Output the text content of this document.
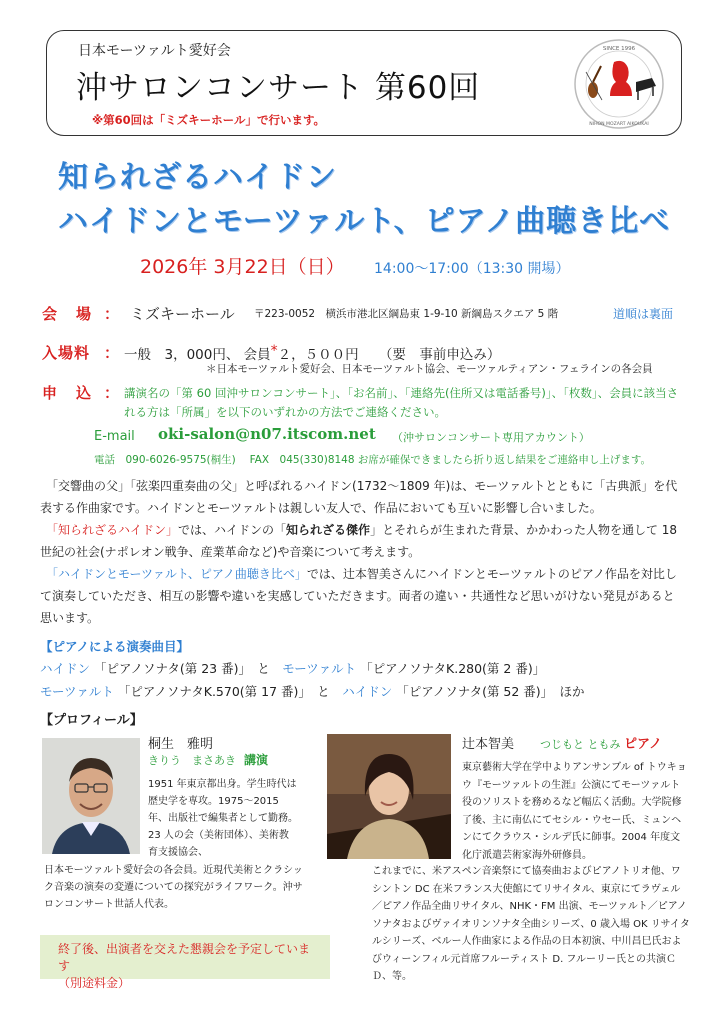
日本モーツァルト愛好会
沖サロンコンサート 第60回
※第60回は「ミズキーホール」で行います。
SINCE 1996
NIHON MOZART AIKOUKAI
知られざるハイドン
ハイドンとモーツァルト、ピアノ曲聴き比べ
2026年 3月22日（日） 14:00～17:00（13:30 開場）
会　場 ： ミズキーホール 〒223-0052　横浜市港北区綱島東 1-9-10 新綱島スクエア 5 階	道順は裏面
入場料 ： 一般　3，000円、 会員*２，５００円　　（要　事前申込み）
＊日本モーツァルト愛好会、日本モーツァルト協会、モーツァルティアン・フェラインの各会員
申　込 ： 講演名の「第 60 回沖サロンコンサート」、「お名前」、「連絡先(住所又は電話番号)」、「枚数」、会員に該当される方は「所属」を以下のいずれかの方法でご連絡ください。
E-mail oki-salon@n07.itscom.net （沖サロンコンサート専用アカウント）
電話　090-6026-9575(桐生)　 FAX　045(330)8148 お席が確保できましたら折り返し結果をご連絡申し上げます。
　「交響曲の父」「弦楽四重奏曲の父」と呼ばれるハイドン(1732～1809 年)は、モーツァルトとともに「古典派」を代表する作曲家です。ハイドンとモーツァルトは親しい友人で、作品においても互いに影響し合いました。
　「知られざるハイドン」では、ハイドンの「知られざる傑作」とそれらが生まれた背景、かかわった人物を通して 18 世紀の社会(ナポレオン戦争、産業革命など)や音楽について考えます。
　「ハイドンとモーツァルト、ピアノ曲聴き比べ」では、辻本智美さんにハイドンとモーツァルトのピアノ作品を対比して演奏していただき、相互の影響や違いを実感していただきます。両者の違い・共通性など思いがけない発見があると思います。
【ピアノによる演奏曲目】
ハイドン 「ピアノソナタ(第 23 番)」　 と　 モーツァルト 「ピアノソナタK.280(第 2 番)」
モーツァルト 「ピアノソナタK.570(第 17 番)」　 と　 ハイドン 「ピアノソナタ(第 52 番)」　 ほか
【プロフィール】
桐生　雅明
きりう　まさあき 講演
1951 年東京都出身。学生時代は歴史学を専攻。1975～2015 年、出版社で編集者として勤務。23 人の会（美術団体）、美術教育支援協会、
日本モーツァルト愛好会の各会員。近現代美術とクラシック音楽の演奏の変遷についての探究がライフワーク。沖サロンコンサート世話人代表。
辻本智美 つじもと ともみ ピアノ
東京藝術大学在学中よりアンサンブル of トウキョウ『モーツァルトの生涯』公演にてモーツァルト役のソリストを務めるなど幅広く活動。大学院修了後、主に南仏にてセシル・ウセー氏、ミュンヘンにてクラウス・シルデ氏に師事。2004 年度文化庁派遣芸術家海外研修員。
これまでに、米アスペン音楽祭にて協奏曲およびピアノトリオ他、ワシントン DC 在米フランス大使館にてリサイタル、東京にてラヴェル／ピアノ作品全曲リサイタル、NHK・FM 出演、モーツァルト／ピアノソナタおよびヴァイオリンソナタ全曲シリーズ、0 歳入場 OK リサイタルシリーズ、ベルー人作曲家による作品の日本初演、中川昌巳氏およびウィーンフィル元首席フルーティスト D. フルーリー氏との共演ＣＤ、等。
終了後、出演者を交えた懇親会を予定しています
（別途料金）
